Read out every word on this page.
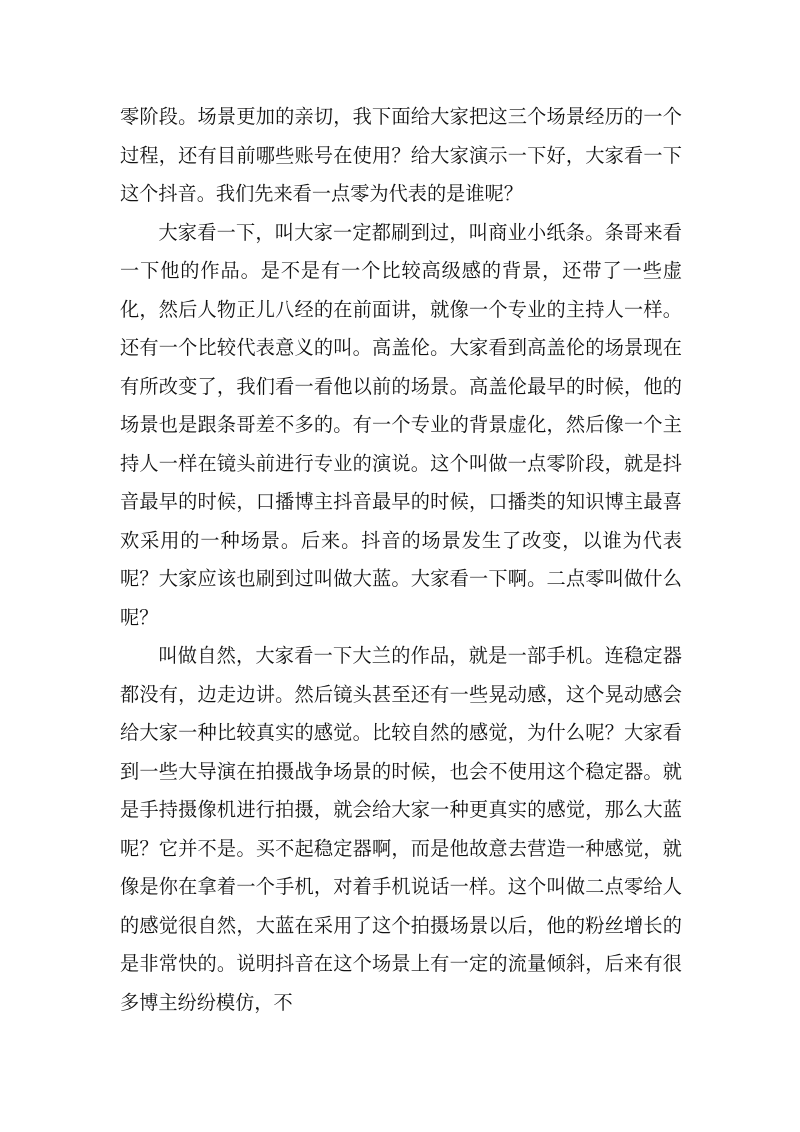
零阶段。场景更加的亲切，我下面给大家把这三个场景经历的一个过程，还有目前哪些账号在使用？给大家演示一下好，大家看一下这个抖音。我们先来看一点零为代表的是谁呢？

大家看一下，叫大家一定都刷到过，叫商业小纸条。条哥来看一下他的作品。是不是有一个比较高级感的背景，还带了一些虚化，然后人物正儿八经的在前面讲，就像一个专业的主持人一样。还有一个比较代表意义的叫。高盖伦。大家看到高盖伦的场景现在有所改变了，我们看一看他以前的场景。高盖伦最早的时候，他的场景也是跟条哥差不多的。有一个专业的背景虚化，然后像一个主持人一样在镜头前进行专业的演说。这个叫做一点零阶段，就是抖音最早的时候，口播博主抖音最早的时候，口播类的知识博主最喜欢采用的一种场景。后来。抖音的场景发生了改变，以谁为代表呢？大家应该也刷到过叫做大蓝。大家看一下啊。二点零叫做什么呢？

叫做自然，大家看一下大兰的作品，就是一部手机。连稳定器都没有，边走边讲。然后镜头甚至还有一些晃动感，这个晃动感会给大家一种比较真实的感觉。比较自然的感觉，为什么呢？大家看到一些大导演在拍摄战争场景的时候，也会不使用这个稳定器。就是手持摄像机进行拍摄，就会给大家一种更真实的感觉，那么大蓝呢？它并不是。买不起稳定器啊，而是他故意去营造一种感觉，就像是你在拿着一个手机，对着手机说话一样。这个叫做二点零给人的感觉很自然，大蓝在采用了这个拍摄场景以后，他的粉丝增长的是非常快的。说明抖音在这个场景上有一定的流量倾斜，后来有很多博主纷纷模仿，不
